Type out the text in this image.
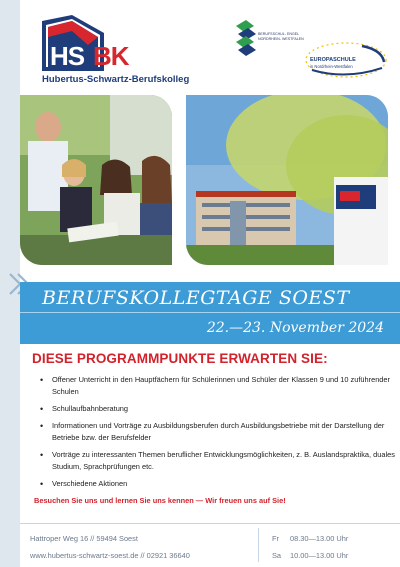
HS BK
Hubertus-Schwartz-Berufskolleg
BERUFSSCHUL- ENGEL NORDRHEIN- WESTFALEN
EUROPASCHULE
in Nordrhein-Westfalen
BERUFSKOLLEGTAGE SOEST
22.—23. November 2024
DIESE PROGRAMMPUNKTE ERWARTEN SIE:
• Offener Unterricht in den Hauptfächern für Schülerinnen und Schüler der Klassen 9 und 10 zuführender Schulen
• Schullaufbahnberatung
• Informationen und Vorträge zu Ausbildungsberufen durch Ausbildungsbetriebe mit der Darstellung der Betriebe bzw. der Berufsfelder
• Vorträge zu interessanten Themen beruflicher Entwicklungsmöglichkeiten, z. B. Auslandspraktika, duales Studium, Sprachprüfungen etc.
• Verschiedene Aktionen
Besuchen Sie uns und lernen Sie uns kennen — Wir freuen uns auf Sie!
Hattroper Weg 16 // 59494 Soest
www.hubertus-schwartz-soest.de // 02921 36640
Fr 08.30—13.00 Uhr
Sa 10.00—13.00 Uhr
